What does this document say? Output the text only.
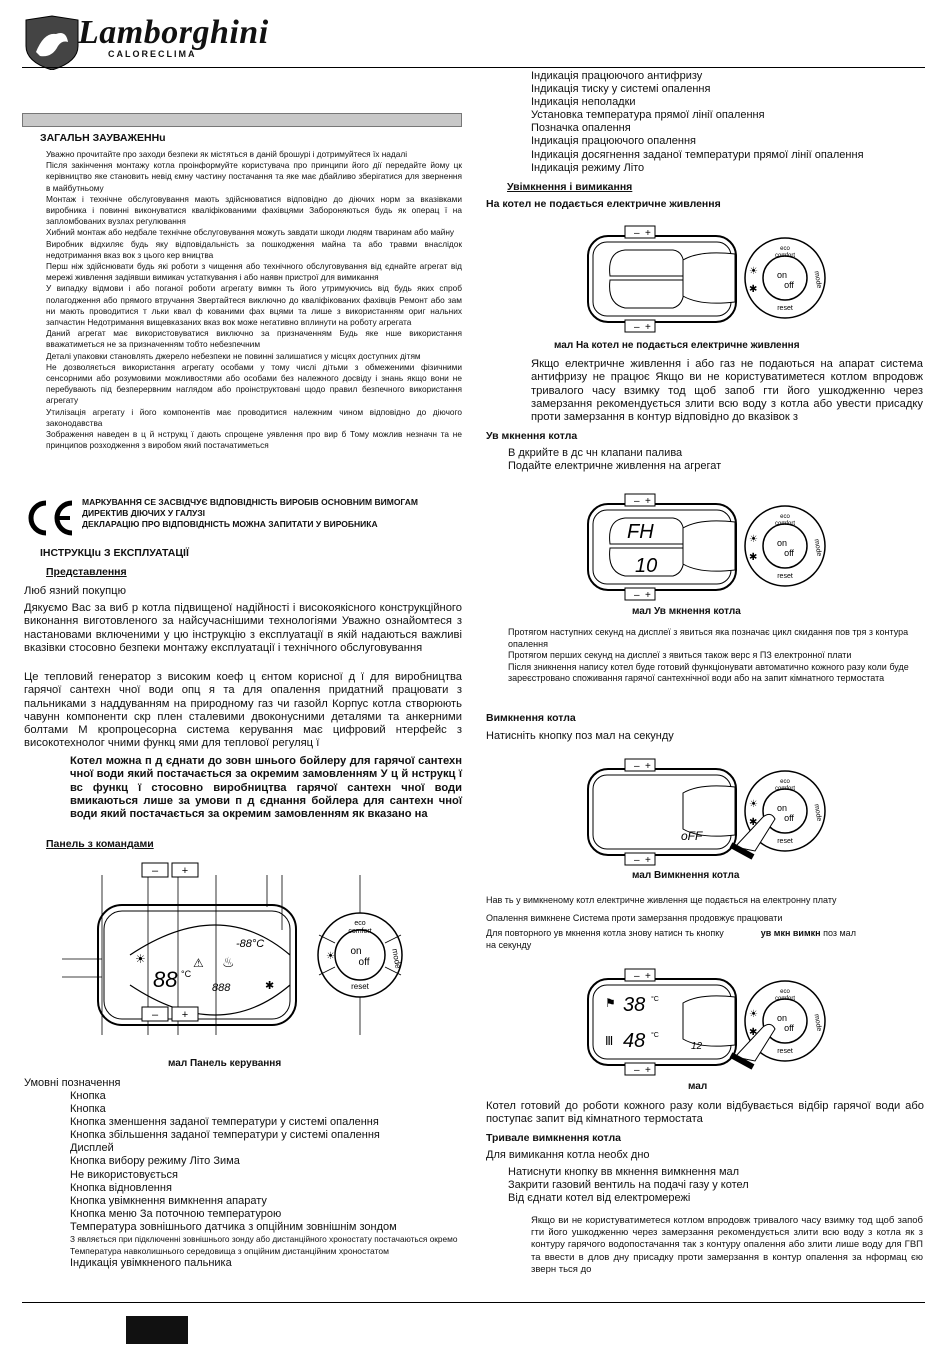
Lamborghini
CALORECLIMA
ЗАГАЛЬН ЗАУВАЖЕННu

Уважно прочитайте про заходи безпеки як містяться в даній брошурі і дотримуйтеся їх надалі

Після закінчення монтажу котла проінформуйте користувача про принципи його дії передайте йому цк керівництво яке становить невід ємну частину постачання та яке має дбайливо зберігатися для звернення в майбутньому

Монтаж і технічне обслуговування мають здійснюватися відповідно до діючих норм за вказівками виробника і повинні виконуватися кваліфікованими фахівцями Забороняються будь як операц ї на запломбованих вузлах регулювання

Хибний монтаж або недбале технічне обслуговування можуть завдати шкоди людям тваринам або майну

Виробник відхиляє будь яку відповідальність за пошкодження майна та або травми внаслідок недотримання вказ вок з цього кер вництва

Перш ніж здійснювати будь які роботи з чищення або технічного обслуговування від єднайте агрегат від мережі живлення задіявши вимикач устаткування і або наявн пристрої для вимикання

У випадку відмови і або поганої роботи агрегату вимкн ть його утримуючись від будь яких спроб полагодження або прямого втручання Звертайтеся виключно до кваліфікованих фахівців Ремонт або зам ни мають проводитися т льки квал ф кованими фах вцями та лише з використанням ориг нальних запчастин Недотримання вищевказаних вказ вок може негативно вплинути на роботу агрегата

Даний агрегат має використовуватися виключно за призначенням Будь яке нше використання вважатиметься не за призначенням тобто небезпечним

Деталі упаковки становлять джерело небезпеки не повинні залишатися у місцях доступних дітям

Не дозволяється використання агрегату особами у тому числі дітьми з обмеженими фізичними сенсорними або розумовими можливостями або особами без належного досвіду і знань якщо вони не перебувають під безперервним наглядом або проінструктовані щодо правил безпечного використання агрегату

Утилізація агрегату і його компонентів має проводитися належним чином відповідно до діючого законодавства

Зображення наведен в ц й нструкц ї дають спрощене уявлення про вир б Тому можлив незначн та не принципов розходження з виробом який постачатиметься

МАРКУВАННЯ CE ЗАСВІДЧУЄ ВІДПОВІДНІСТЬ ВИРОБІВ ОСНОВНИМ ВИМОГАМ
ДИРЕКТИВ ДІЮЧИХ У ГАЛУЗІ
ДЕКЛАРАЦІЮ ПРО ВІДПОВІДНІСТЬ МОЖНА ЗАПИТАТИ У ВИРОБНИКА
ІНСТРУКЦІu З ЕКСПЛУАТАЦІЇ
Представлення
Люб язний покупцю
Дякуємо Вас за виб р котла підвищеної надійності і високоякісного конструкційного виконання виготовленого за найсучаснішими технологіями Уважно ознайомтеся з настановами включеними у цю інструкцію з експлуатації в якій надаються важливі вказівки стосовно безпеки монтажу експлуатації і технічного обслуговування
Це тепловий генератор з високим коеф ц єнтом корисної д ї для виробництва гарячої сантехн чної води опц я та для опалення придатний працювати з пальниками з наддуванням на природному газ чи газойл Корпус котла створюють чавунн компоненти скр плен сталевими двоконусними деталями та анкерними болтами М кропроцесорна система керування має цифровий нтерфейс з високотехнолог чними функц ями для теплової регуляц ї
Котел можна п д єднати до зовн шнього бойлеру для гарячої сантехн чної води який постачається за окремим замовленням У ц й нструкц ї вс функц ї стосовно виробництва гарячої сантехн чної води вмикаються лише за умови п д єднання бойлера для сантехн чної води який постачається за окремим замовленням як вказано на
Панель з командами
– +
– +
☀
88 °C
888
-88°C
⚠ ♨
✱
eco
comfort
on
off	mode
reset
☀
мал Панель керування
Умовні позначення
Кнопка
Кнопка
Кнопка зменшення заданої температури у системі опалення
Кнопка збільшення заданої температури у системі опалення
Дисплей
Кнопка вибору режиму Літо Зима
Не використовується
Кнопка відновлення
Кнопка увімкнення вимкнення апарату
Кнопка меню За поточною температурою
Температура зовнішнього датчика з опційним зовнішнім зондом
З являється при підключенні зовнішнього зонду або дистанційного хроностату постачаються окремо
Температура навколишнього середовища з опційним дистанційним хроностатом
Індикація увімкненого пальника
Індикація працюючого антифризу
Індикація тиску у системі опалення
Індикація неполадки
Установка температура прямої лінії опалення
Позначка опалення
Індикація працюючого опалення
Індикація досягнення заданої температури прямої лінії опалення
Індикація режиму Літо
Увімкнення і вимикання
На котел не подається електричне живлення
– +
– +
eco
comfort
on
off	mode
reset
☀
✱
мал На котел не подається електричне живлення
Якщо електричне живлення і або газ не подаються на апарат система антифризу не працює Якщо ви не користуватиметеся котлом впродовж тривалого часу взимку тод щоб запоб гти його ушкодженню через замерзання рекомендується злити всю воду з котла або увести присадку проти замерзання в контур відповідно до вказівок з
Ув мкнення котла
В дкрийте в дс чн клапани палива
Подайте електричне живлення на агрегат
FH
10
– +
– +
eco
comfort
on
off	mode
reset
☀
✱
мал Ув мкнення котла
Протягом наступних секунд на дисплеї з явиться яка позначає цикл скидання пов тря з контура опалення
Протягом перших секунд на дисплеї з явиться також верс я ПЗ електронної плати
Після зникнення напису котел буде готовий функціонувати автоматично кожного разу коли буде зареєстровано споживання гарячої сантехнічної води або на запит кімнатного термостата
Вимкнення котла
Натисніть кнопку поз мал на секунду
oFF
– +
– +
eco
comfort
on
off	mode
reset
☀
✱
мал Вимкнення котла
Нав ть у вимкненому котл електричне живлення ще подається на електронну плату
Опалення вимкнене Система проти замерзання продовжує працювати
Для повторного ув мкнення котла знову натисн ть кнопку	ув мкн вимкн поз мал
на секунду
⚑ 38 °C
Ⅲ 48 °C
12
– +
– +
eco
comfort
on
off	mode
reset
☀
✱
мал
Котел готовий до роботи кожного разу коли відбувається відбір гарячої води або поступає запит від кімнатного термостата
Тривале вимкнення котла
Для вимикання котла необх дно
Натиснути кнопку вв мкнення вимкнення мал
Закрити газовий вентиль на подачі газу у котел
Від єднати котел від електромережі
Якщо ви не користуватиметеся котлом впродовж тривалого часу взимку тод щоб запоб гти його ушкодженню через замерзання рекомендується злити всю воду з котла як з контуру гарячого водопостачання так з контуру опалення або злити лише воду для ГВП та ввести в длов дну присадку проти замерзання в контур опалення за нформац єю зверн ться до
